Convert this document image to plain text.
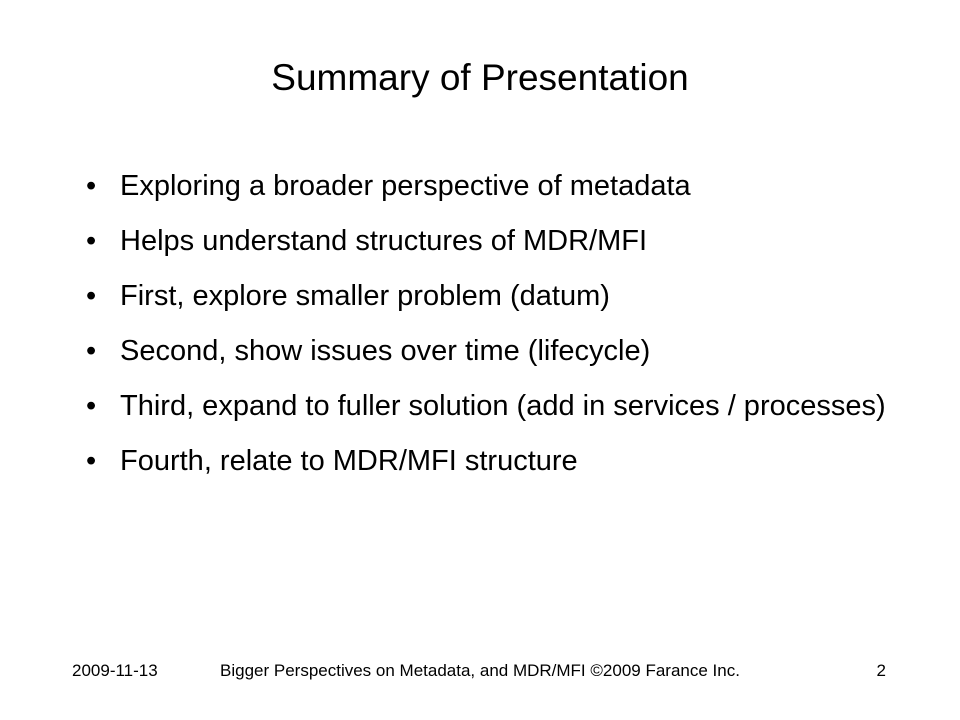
Summary of Presentation
• Exploring a broader perspective of metadata
• Helps understand structures of MDR/MFI
• First, explore smaller problem (datum)
• Second, show issues over time (lifecycle)
• Third, expand to fuller solution (add in services / processes)
• Fourth, relate to MDR/MFI structure
2009-11-13	Bigger Perspectives on Metadata, and MDR/MFI ©2009 Farance Inc.	2
